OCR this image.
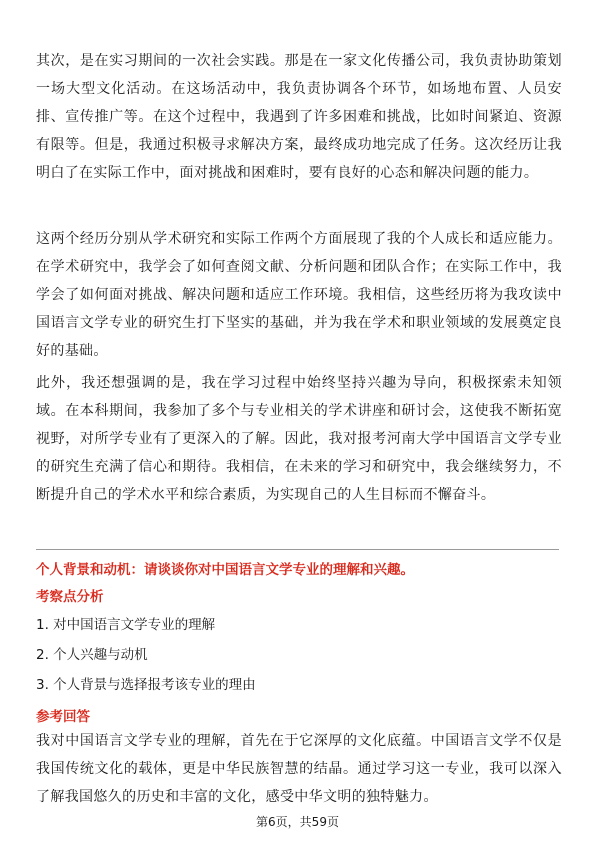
其次，是在实习期间的一次社会实践。那是在一家文化传播公司，我负责协助策划一场大型文化活动。在这场活动中，我负责协调各个环节，如场地布置、人员安排、宣传推广等。在这个过程中，我遇到了许多困难和挑战，比如时间紧迫、资源有限等。但是，我通过积极寻求解决方案，最终成功地完成了任务。这次经历让我明白了在实际工作中，面对挑战和困难时，要有良好的心态和解决问题的能力。

这两个经历分别从学术研究和实际工作两个方面展现了我的个人成长和适应能力。在学术研究中，我学会了如何查阅文献、分析问题和团队合作；在实际工作中，我学会了如何面对挑战、解决问题和适应工作环境。我相信，这些经历将为我攻读中国语言文学专业的研究生打下坚实的基础，并为我在学术和职业领域的发展奠定良好的基础。

此外，我还想强调的是，我在学习过程中始终坚持兴趣为导向，积极探索未知领域。在本科期间，我参加了多个与专业相关的学术讲座和研讨会，这使我不断拓宽视野，对所学专业有了更深入的了解。因此，我对报考河南大学中国语言文学专业的研究生充满了信心和期待。我相信，在未来的学习和研究中，我会继续努力，不断提升自己的学术水平和综合素质，为实现自己的人生目标而不懈奋斗。

个人背景和动机：请谈谈你对中国语言文学专业的理解和兴趣。

考察点分析

1. 对中国语言文学专业的理解

2. 个人兴趣与动机

3. 个人背景与选择报考该专业的理由

参考回答

我对中国语言文学专业的理解，首先在于它深厚的文化底蕴。中国语言文学不仅是我国传统文化的载体，更是中华民族智慧的结晶。通过学习这一专业，我可以深入了解我国悠久的历史和丰富的文化，感受中华文明的独特魅力。

第6页，共59页
